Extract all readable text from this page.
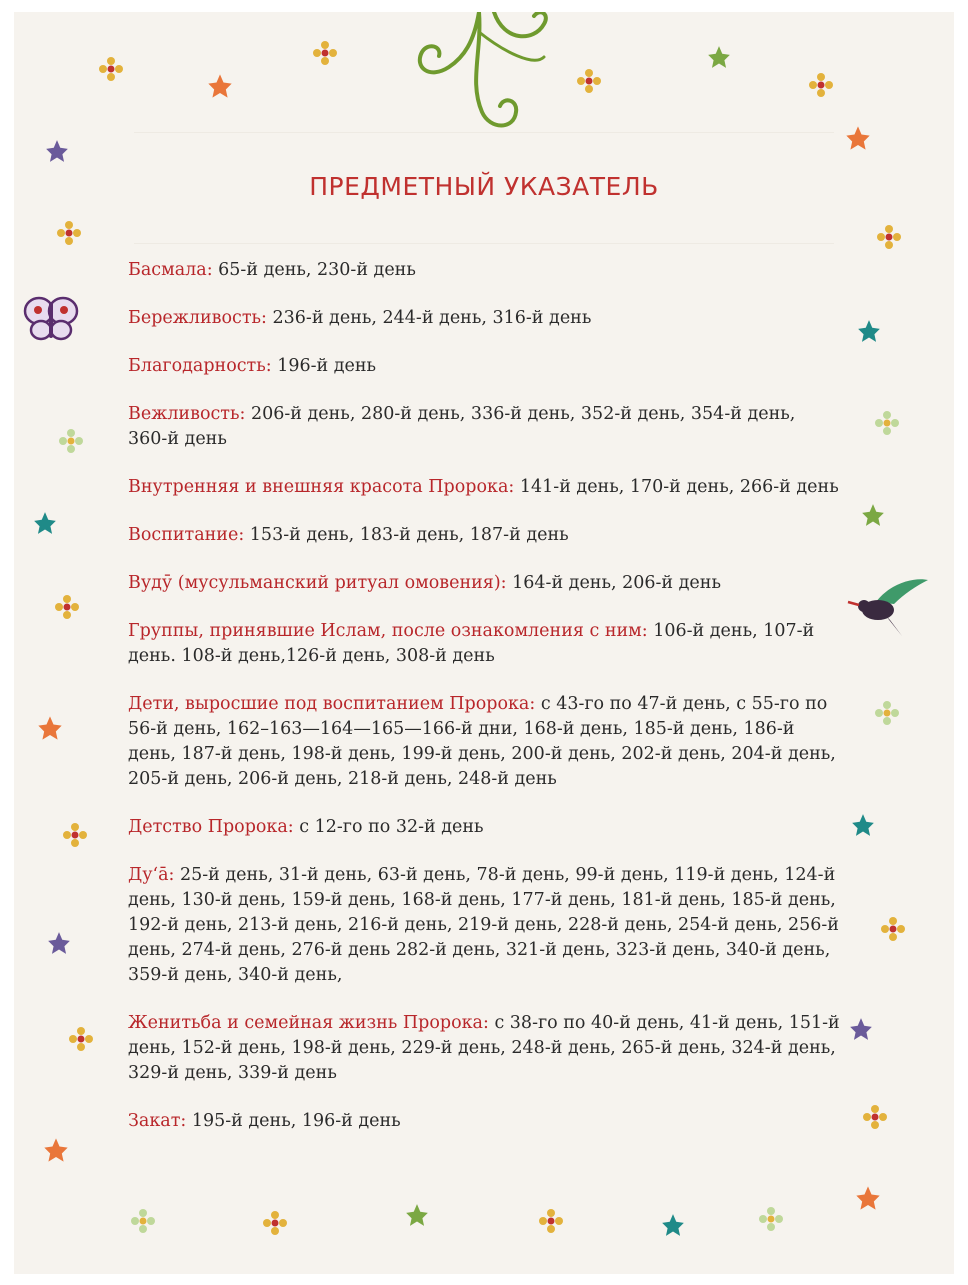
ПРЕДМЕТНЫЙ УКАЗАТЕЛЬ
Басмала: 65-й день, 230-й день
Бережливость: 236-й день, 244-й день, 316-й день
Благодарность: 196-й день
Вежливость: 206-й день, 280-й день, 336-й день, 352-й день, 354-й день, 360-й день
Внутренняя и внешняя красота Пророка: 141-й день, 170-й день, 266-й день
Воспитание: 153-й день, 183-й день, 187-й день
Вудӯ (мусульманский ритуал омовения): 164-й день, 206-й день
Группы, принявшие Ислам, после ознакомления с ним: 106-й день, 107-й день. 108-й день,126-й день, 308-й день
Дети, выросшие под воспитанием Пророка: с 43-го по 47-й день, с 55-го по 56-й день, 162–163—164—165—166-й дни, 168-й день, 185-й день, 186-й день, 187-й день, 198-й день, 199-й день, 200-й день, 202-й день, 204-й день, 205-й день, 206-й день, 218-й день, 248-й день
Детство Пророка: с 12-го по 32-й день
Ду‘а̄: 25-й день, 31-й день, 63-й день, 78-й день, 99-й день, 119-й день, 124-й день, 130-й день, 159-й день, 168-й день, 177-й день, 181-й день, 185-й день, 192-й день, 213-й день, 216-й день, 219-й день, 228-й день, 254-й день, 256-й день, 274-й день, 276-й день 282-й день, 321-й день, 323-й день, 340-й день, 359-й день, 340-й день,
Женитьба и семейная жизнь Пророка: с 38-го по 40-й день, 41-й день, 151-й день, 152-й день, 198-й день, 229-й день, 248-й день, 265-й день, 324-й день, 329-й день, 339-й день
Закат: 195-й день, 196-й день
